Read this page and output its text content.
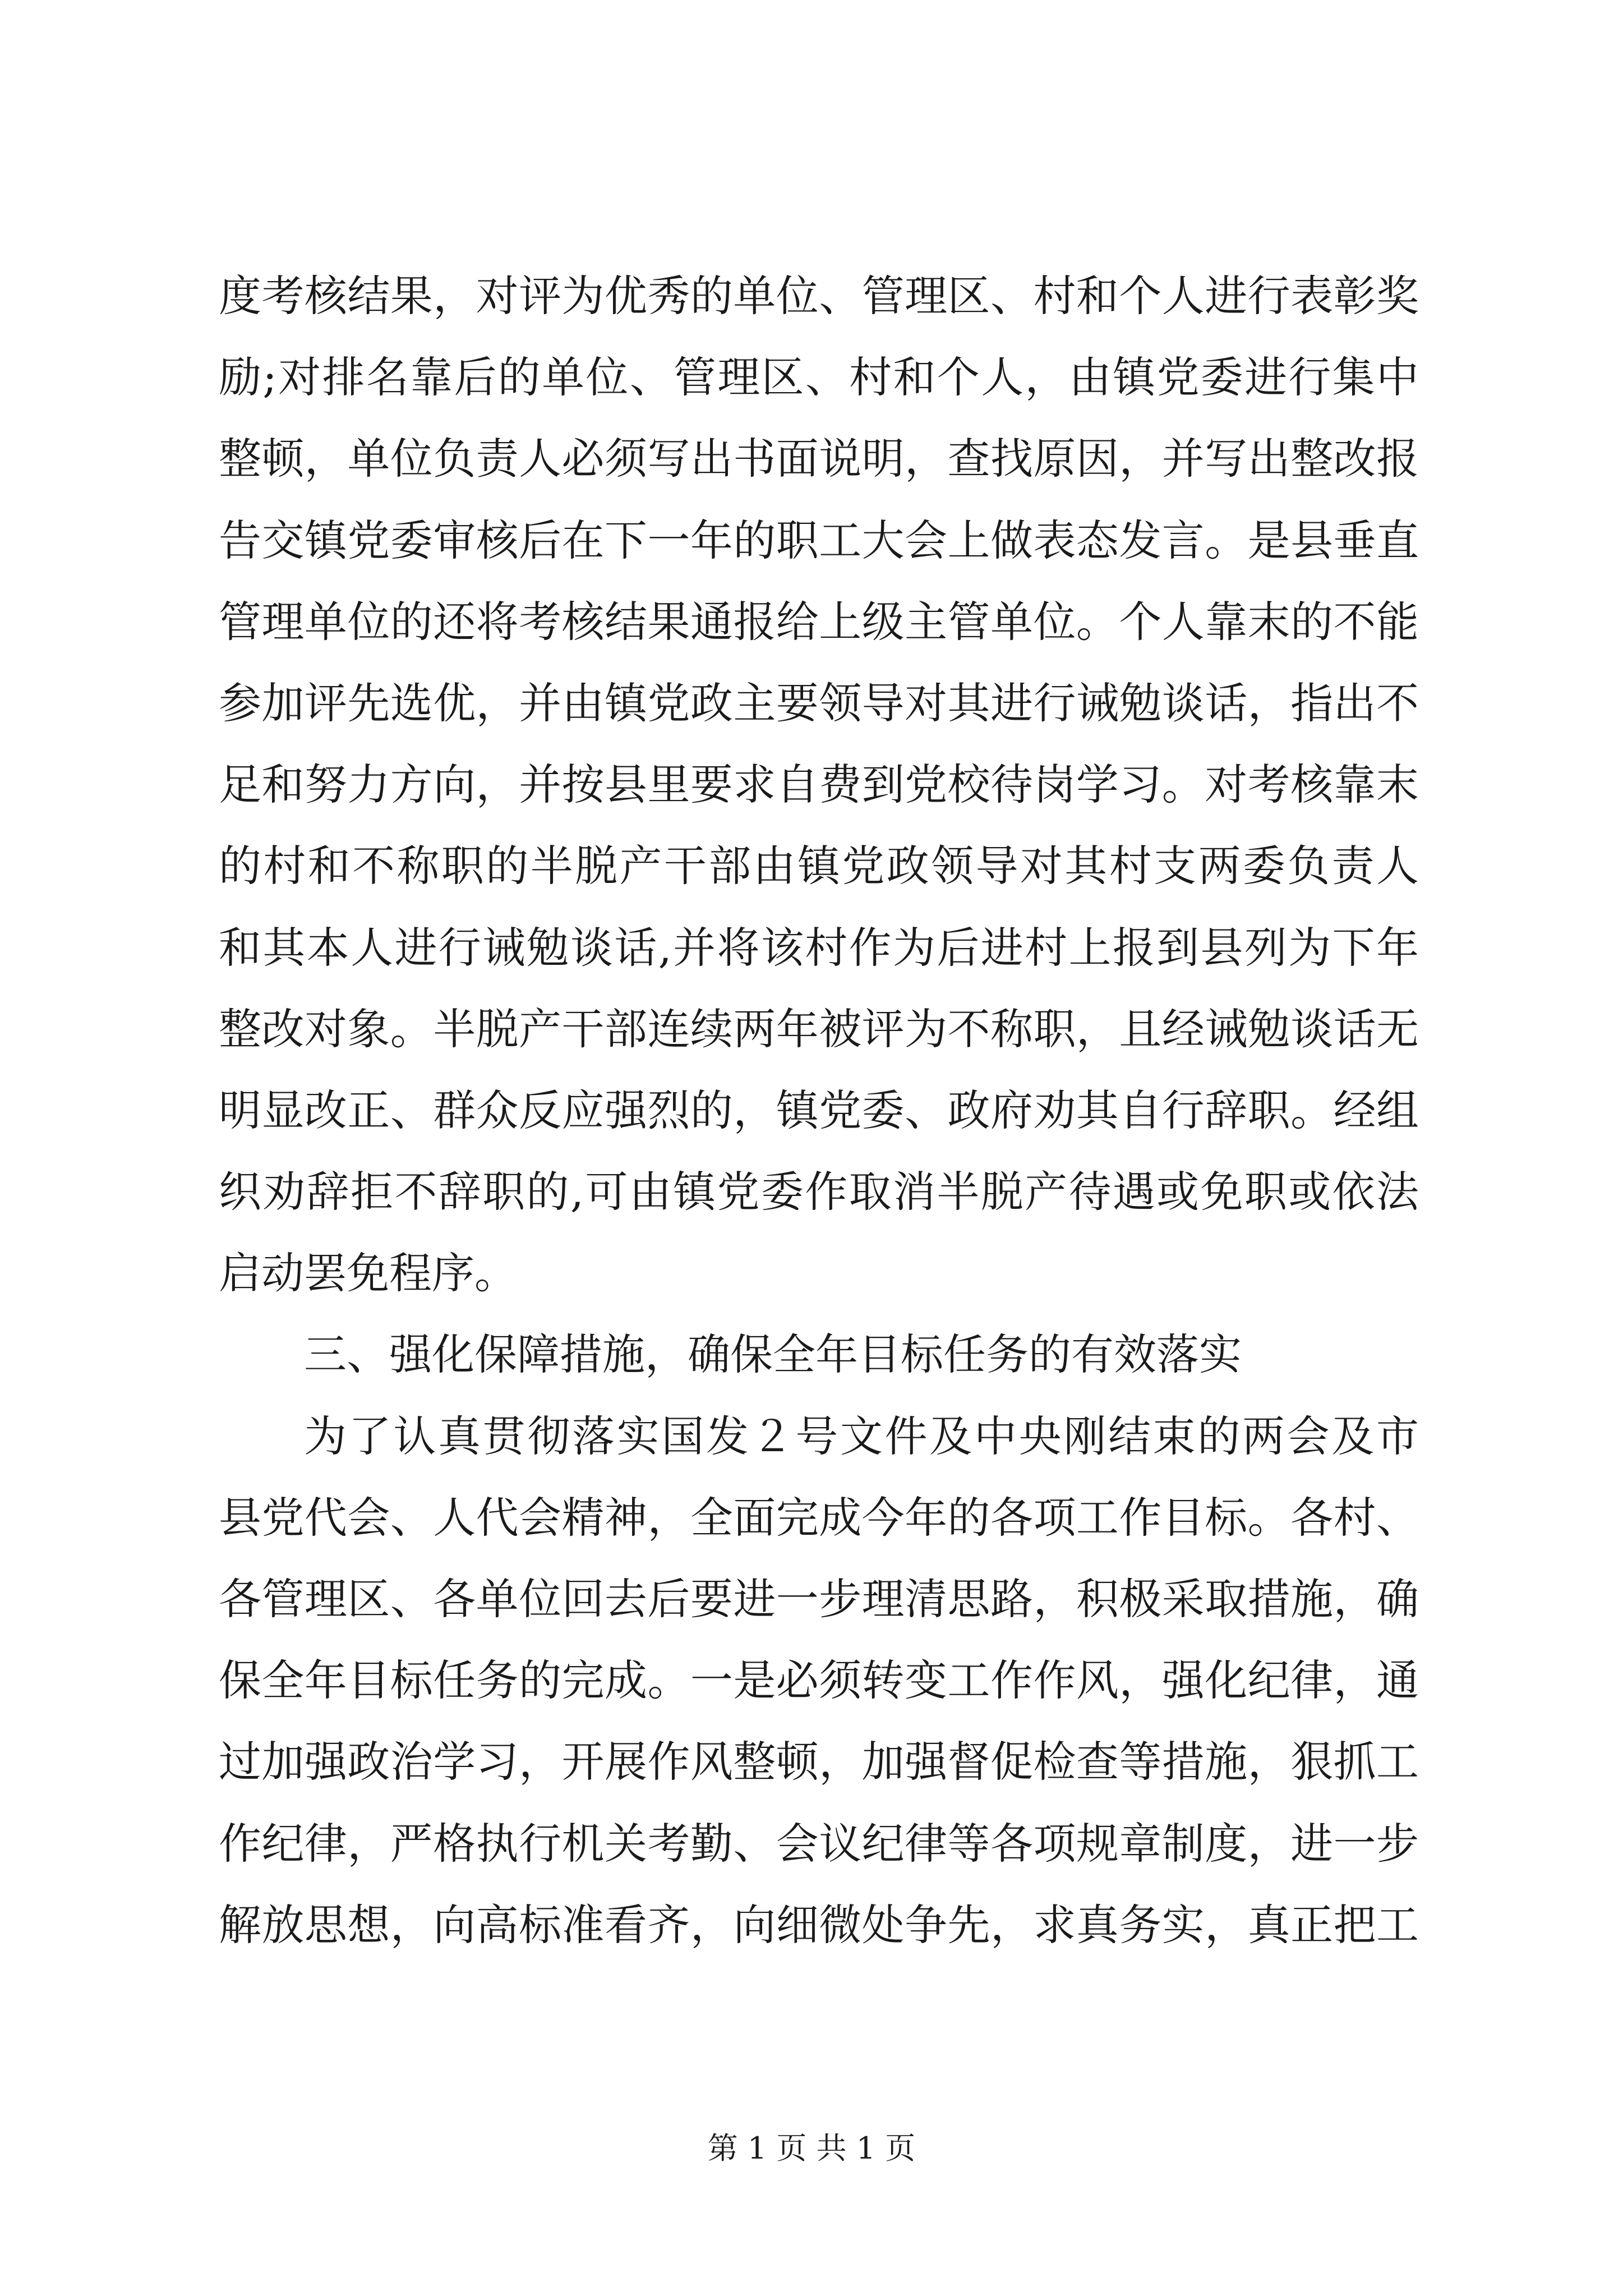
度考核结果，对评为优秀的单位、管理区、村和个人进行表彰奖
励;对排名靠后的单位、管理区、村和个人，由镇党委进行集中
整顿，单位负责人必须写出书面说明，查找原因，并写出整改报
告交镇党委审核后在下一年的职工大会上做表态发言。是县垂直
管理单位的还将考核结果通报给上级主管单位。个人靠末的不能
参加评先选优，并由镇党政主要领导对其进行诫勉谈话，指出不
足和努力方向，并按县里要求自费到党校待岗学习。对考核靠末
的村和不称职的半脱产干部由镇党政领导对其村支两委负责人
和其本人进行诫勉谈话,并将该村作为后进村上报到县列为下年
整改对象。半脱产干部连续两年被评为不称职，且经诫勉谈话无
明显改正、群众反应强烈的，镇党委、政府劝其自行辞职。经组
织劝辞拒不辞职的,可由镇党委作取消半脱产待遇或免职或依法
启动罢免程序。
三、强化保障措施，确保全年目标任务的有效落实
为了认真贯彻落实国发２号文件及中央刚结束的两会及市
县党代会、人代会精神，全面完成今年的各项工作目标。各村、
各管理区、各单位回去后要进一步理清思路，积极采取措施，确
保全年目标任务的完成。一是必须转变工作作风，强化纪律，通
过加强政治学习，开展作风整顿，加强督促检查等措施，狠抓工
作纪律，严格执行机关考勤、会议纪律等各项规章制度，进一步
解放思想，向高标准看齐，向细微处争先，求真务实，真正把工
第 1 页 共 1 页
